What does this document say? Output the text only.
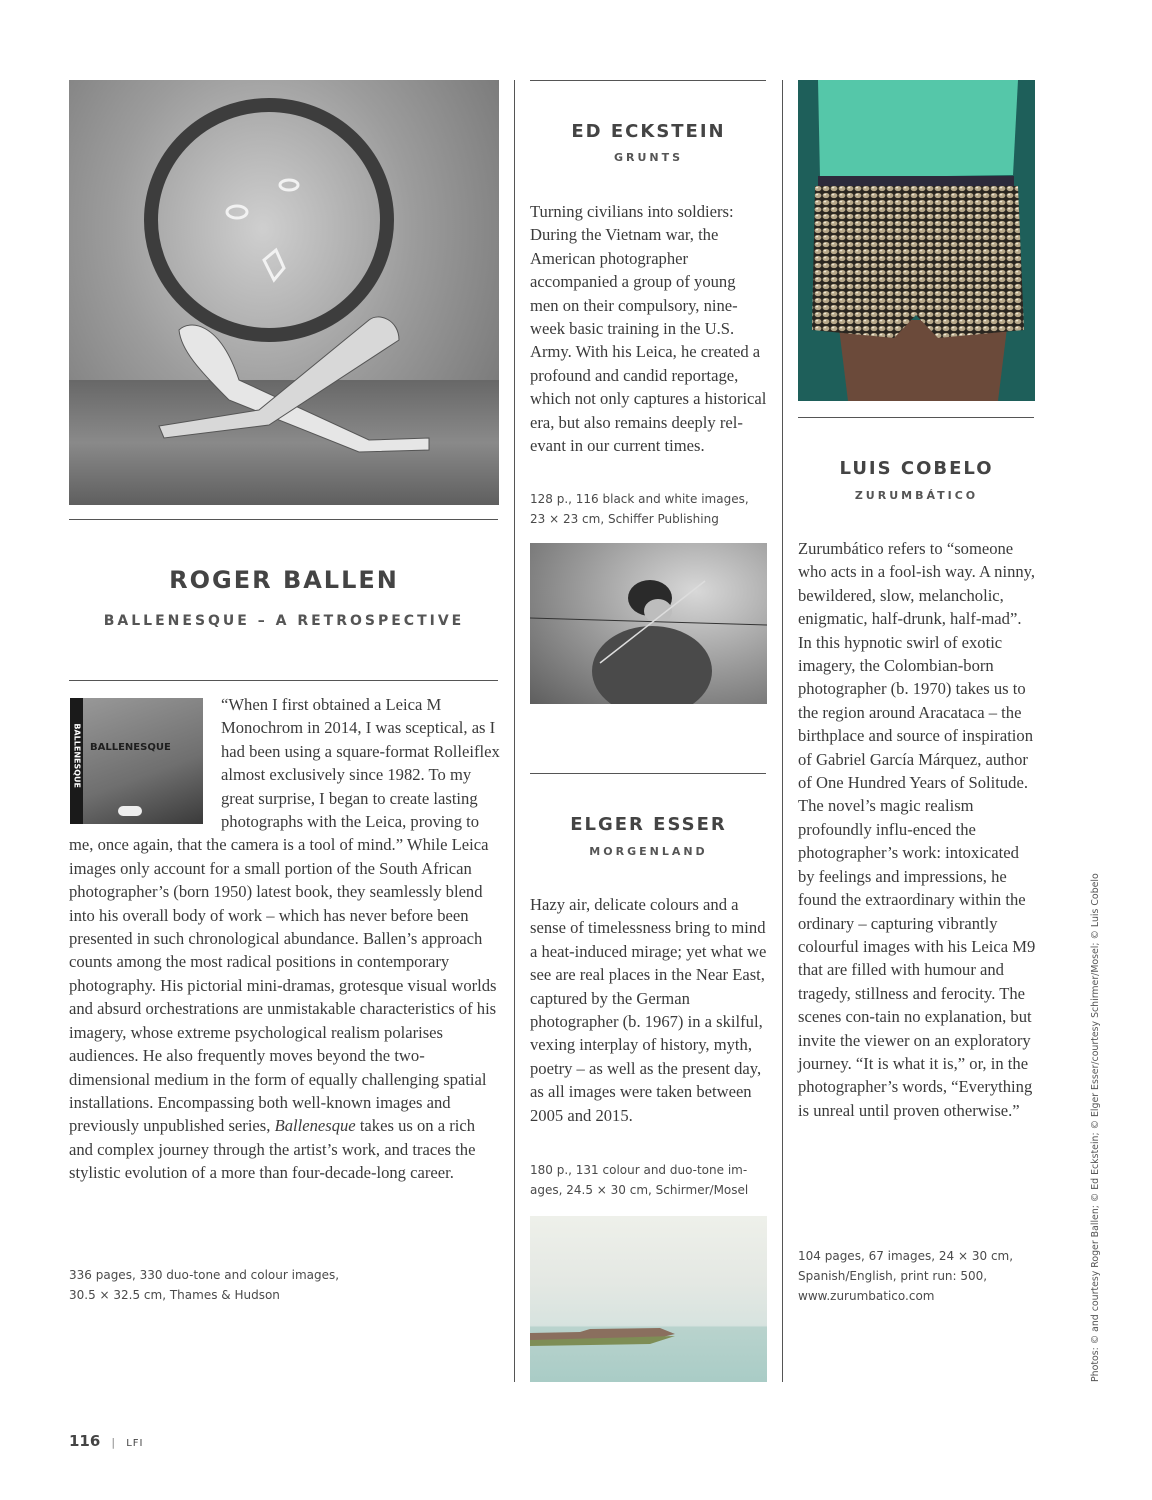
ROGER BALLEN
BALLENESQUE – A RETROSPECTIVE
BALLENESQUE BALLENESQUE

“When I first obtained a Leica M Monochrom in 2014, I was sceptical, as I had been using a square-format Rolleiflex almost exclusively since 1982. To my great surprise, I began to create lasting photographs with the Leica, proving to me, once again, that the camera is a tool of mind.” While Leica images only account for a small portion of the South African photographer’s (born 1950) latest book, they seamlessly blend into his overall body of work – which has never before been presented in such chronological abundance. Ballen’s approach counts among the most radical positions in contemporary photography. His pictorial mini-dramas, grotesque visual worlds and absurd orchestrations are unmistakable characteristics of his imagery, whose extreme psychological realism polarises audiences. He also frequently moves beyond the two-dimensional medium in the form of equally challenging spatial installations. Encompassing both well-known images and previously unpublished series, Ballenesque takes us on a rich and complex journey through the artist’s work, and traces the stylistic evolution of a more than four-decade-long career.

336 pages, 330 duo-tone and colour images,
30.5 × 32.5 cm, Thames & Hudson
ED ECKSTEIN
GRUNTS
Turning civilians into soldiers: During the Vietnam war, the American photographer accompanied a group of young men on their compulsory, nine-week basic training in the U.S. Army. With his Leica, he created a profound and candid reportage, which not only captures a historical era, but also remains deeply rel-evant in our current times.
128 p., 116 black and white images,
23 × 23 cm, Schiffer Publishing
ELGER ESSER
MORGENLAND
Hazy air, delicate colours and a sense of timelessness bring to mind a heat-induced mirage; yet what we see are real places in the Near East, captured by the German photographer (b. 1967) in a skilful, vexing interplay of history, myth, poetry – as well as the present day, as all images were taken between 2005 and 2015.
180 p., 131 colour and duo-tone im-
ages, 24.5 × 30 cm, Schirmer/Mosel
LUIS COBELO
ZURUMBÁTICO
Zurumbático refers to “someone who acts in a fool-ish way. A ninny, bewildered, slow, melancholic, enigmatic, half-drunk, half-mad”. In this hypnotic swirl of exotic imagery, the Colombian-born photographer (b. 1970) takes us to the region around Aracataca – the birthplace and source of inspiration of Gabriel García Márquez, author of One Hundred Years of Solitude. The novel’s magic realism profoundly influ-enced the photographer’s work: intoxicated by feelings and impressions, he found the extraordinary within the ordinary – capturing vibrantly colourful images with his Leica M9 that are filled with humour and tragedy, stillness and ferocity. The scenes con-tain no explanation, but invite the viewer on an exploratory journey. “It is what it is,” or, in the photographer’s words, “Everything is unreal until proven otherwise.”
104 pages, 67 images, 24 × 30 cm,
Spanish/English, print run: 500,
www.zurumbatico.com	Photos: © and courtesy Roger Ballen; © Ed Eckstein; © Elger Esser/courtesy Schirmer/Mosel; © Luis Cobelo
116 | LFI
